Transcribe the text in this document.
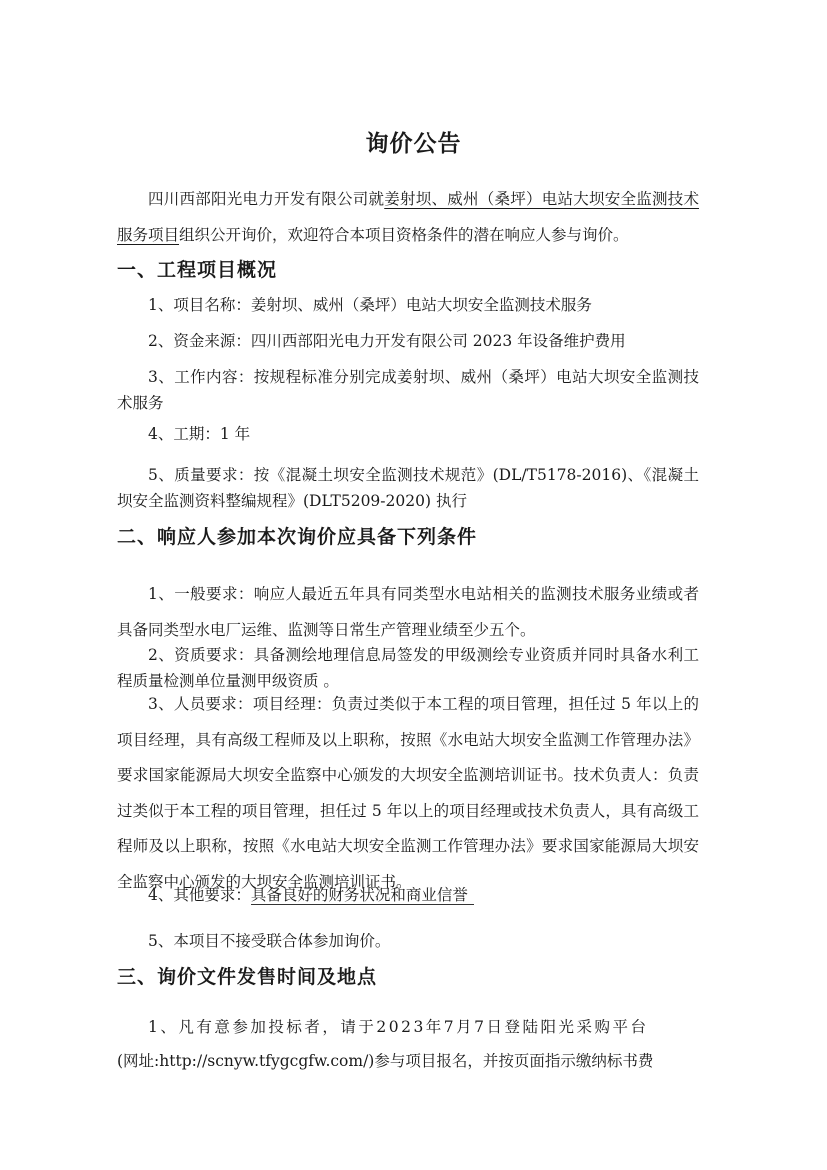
询价公告
四川西部阳光电力开发有限公司就姜射坝、威州（桑坪）电站大坝安全监测技术服务项目组织公开询价，欢迎符合本项目资格条件的潜在响应人参与询价。
一、工程项目概况
1、项目名称：姜射坝、威州（桑坪）电站大坝安全监测技术服务
2、资金来源：四川西部阳光电力开发有限公司 2023 年设备维护费用
3、工作内容：按规程标准分别完成姜射坝、威州（桑坪）电站大坝安全监测技术服务
4、工期：1 年
5、质量要求：按《混凝土坝安全监测技术规范》(DL/T5178-2016)、《混凝土坝安全监测资料整编规程》(DLT5209-2020) 执行
二、响应人参加本次询价应具备下列条件
1、一般要求：响应人最近五年具有同类型水电站相关的监测技术服务业绩或者具备同类型水电厂运维、监测等日常生产管理业绩至少五个。
2、资质要求：具备测绘地理信息局签发的甲级测绘专业资质并同时具备水利工程质量检测单位量测甲级资质 。
3、人员要求：项目经理：负责过类似于本工程的项目管理，担任过 5 年以上的项目经理，具有高级工程师及以上职称，按照《水电站大坝安全监测工作管理办法》要求国家能源局大坝安全监察中心颁发的大坝安全监测培训证书。技术负责人：负责过类似于本工程的项目管理，担任过 5 年以上的项目经理或技术负责人，具有高级工程师及以上职称，按照《水电站大坝安全监测工作管理办法》要求国家能源局大坝安全监察中心颁发的大坝安全监测培训证书。
4、其他要求：具备良好的财务状况和商业信誉
5、本项目不接受联合体参加询价。
三、询价文件发售时间及地点
1、凡有意参加投标者，请于2023年7月7日登陆阳光采购平台
(网址:http://scnyw.tfygcgfw.com/)参与项目报名，并按页面指示缴纳标书费
